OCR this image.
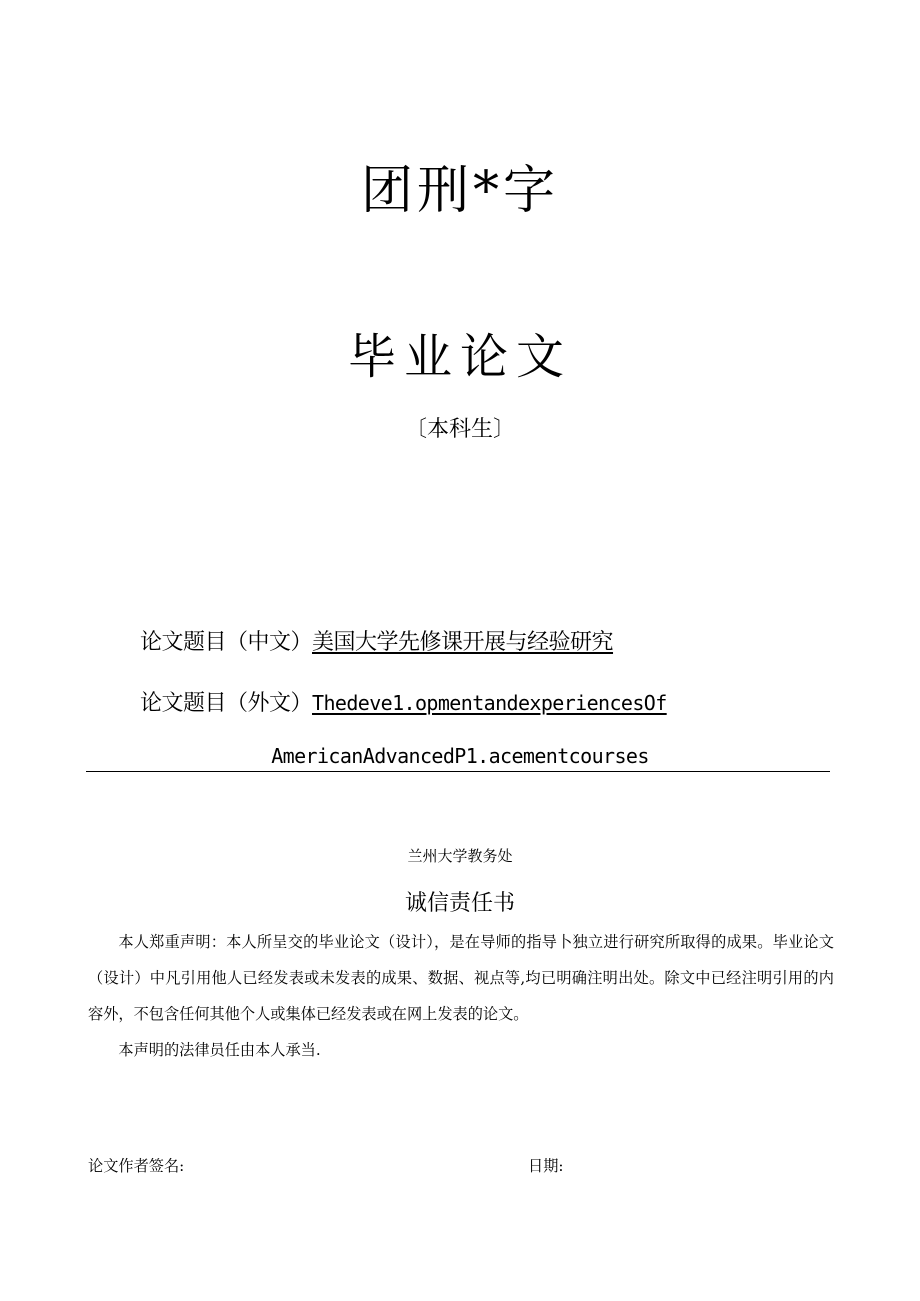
团刑*字
毕业论文
〔本科生〕
论文题目（中文）美国大学先修课开展与经验研究
论文题目（外文）Thedeve1.opmentandexperiencesOf
AmericanAdvancedP1.acementcourses
兰州大学教务处
诚信责任书

本人郑重声明：本人所呈交的毕业论文（设计），是在导师的指导卜独立进行研究所取得的成果。毕业论文（设计）中凡引用他人已经发表或未发表的成果、数据、视点等,均已明确注明出处。除文中已经注明引用的内容外，不包含任何其他个人或集体已经发表或在网上发表的论文。

本声明的法律员任由本人承当.

论文作者签名:	日期:
